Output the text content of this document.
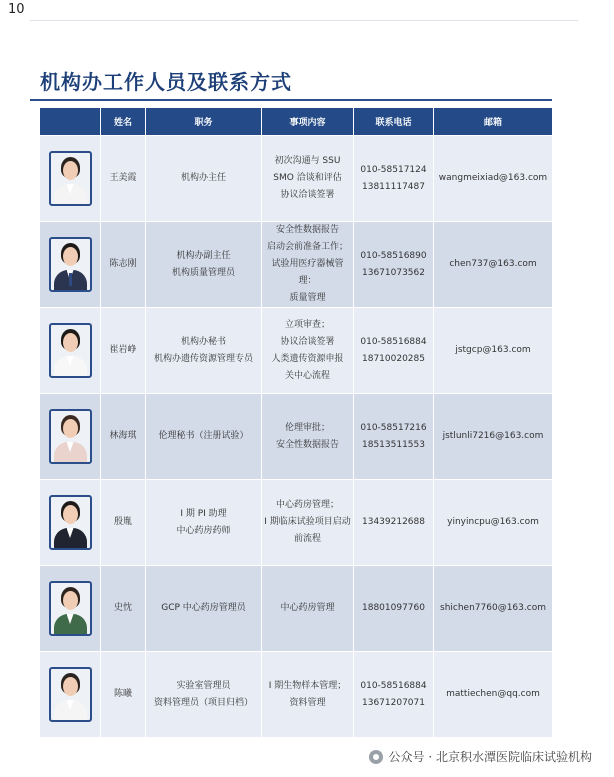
10
机构办工作人员及联系方式
	姓名	职务	事项内容	联系电话	邮箱

	王美霞	机构办主任	初次沟通与 SSU
SMO 洽谈和评估
协议洽谈签署	010-58517124
13811117487	wangmeixiad@163.com

	陈志刚	机构办副主任
机构质量管理员	安全性数据报告
启动会前准备工作；
试验用医疗器械管理：
质量管理	010-58516890
13671073562	chen737@163.com

	崔岩峥	机构办秘书
机构办遗传资源管理专员	立项审查；
协议洽谈签署
人类遗传资源申报
关中心流程	010-58516884
18710020285	jstgcp@163.com

	林海琪	伦理秘书（注册试验）	伦理审批；
安全性数据报告	010-58517216
18513511553	jstlunli7216@163.com

	殷胤	I 期 PI 助理
中心药房药师	中心药房管理；
I 期临床试验项目启动
前流程	13439212688	yinyincpu@163.com

	史忱	GCP 中心药房管理员	中心药房管理	18801097760	shichen7760@163.com

	陈曦	实验室管理员
资料管理员（项目归档）	I 期生物样本管理；
资料管理	010-58516884
13671207071	mattiechen@qq.com
公众号 · 北京积水潭医院临床试验机构
